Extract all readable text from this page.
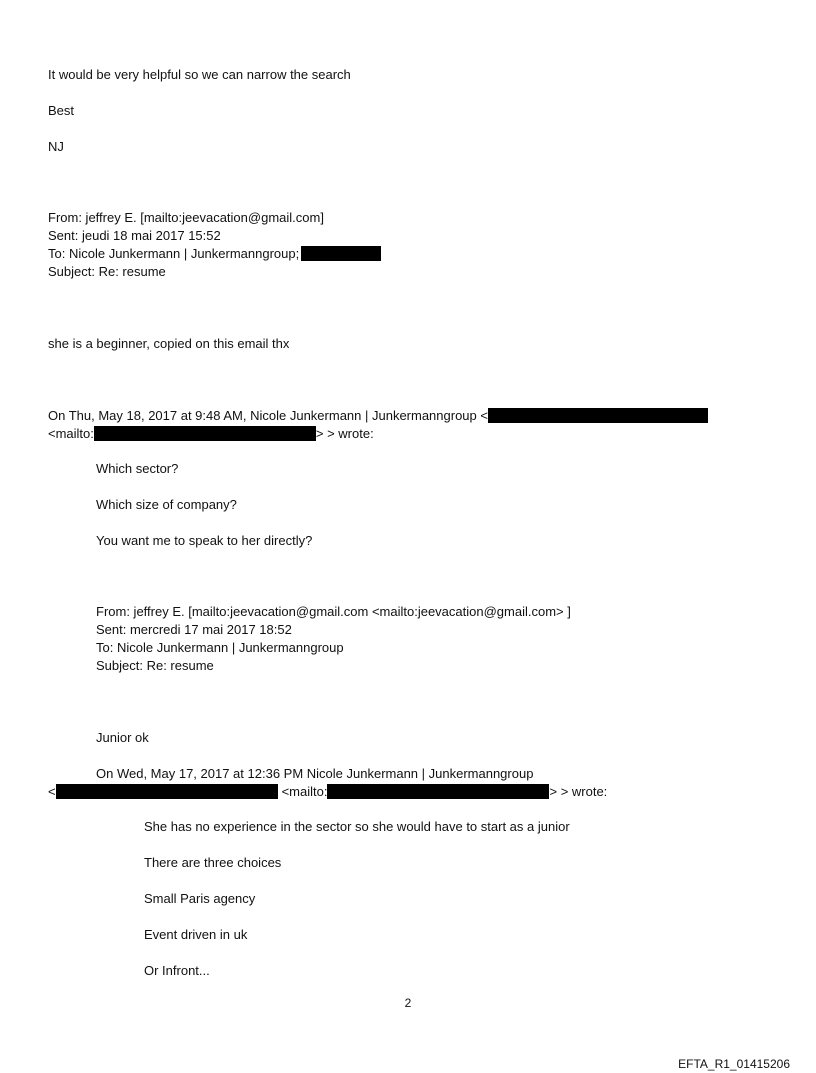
It would be very helpful so we can narrow the search
Best
NJ
From: jeffrey E. [mailto:jeevacation@gmail.com]
Sent: jeudi 18 mai 2017 15:52
To: Nicole Junkermann | Junkermanngroup;
Subject: Re: resume
she is a beginner, copied on this email thx
On Thu, May 18, 2017 at 9:48 AM, Nicole Junkermann | Junkermanngroup <
<mailto:	> > wrote:
Which sector?
Which size of company?
You want me to speak to her directly?
From: jeffrey E. [mailto:jeevacation@gmail.com <mailto:jeevacation@gmail.com> ]
Sent: mercredi 17 mai 2017 18:52
To: Nicole Junkermann | Junkermanngroup
Subject: Re: resume
Junior ok
On Wed, May 17, 2017 at 12:36 PM Nicole Junkermann | Junkermanngroup
<	<mailto:	> > wrote:
She has no experience in the sector so she would have to start as a junior
There are three choices
Small Paris agency
Event driven in uk
Or Infront...
2
EFTA_R1_01415206
